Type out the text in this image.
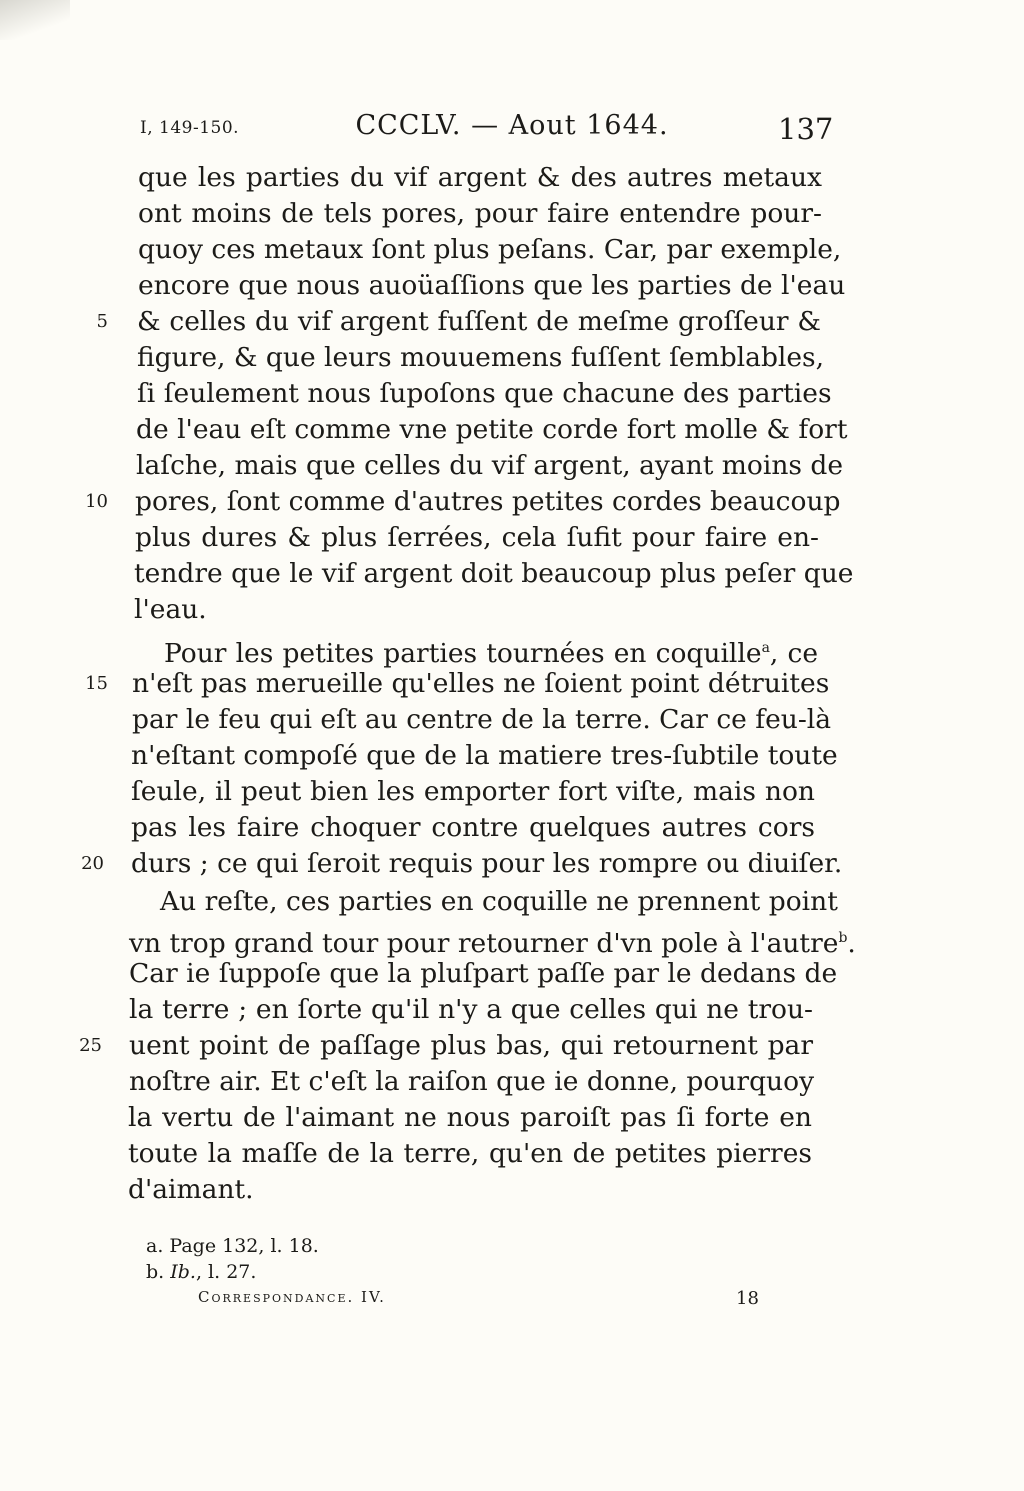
I, 149-150.	CCCLV. — Aout 1644.	137
que les parties du vif argent & des autres metaux
ont moins de tels pores, pour faire entendre pour-
quoy ces metaux ſont plus peſans. Car, par exemple,
encore que nous auoüaſſions que les parties de l'eau
& celles du vif argent fuſſent de meſme groſſeur &
figure, & que leurs mouuemens fuſſent ſemblables,
ſi ſeulement nous ſupoſons que chacune des parties
de l'eau eſt comme vne petite corde fort molle & fort
laſche, mais que celles du vif argent, ayant moins de
pores, ſont comme d'autres petites cordes beaucoup
plus dures & plus ſerrées, cela ſufit pour faire en-
tendre que le vif argent doit beaucoup plus peſer que
l'eau.
Pour les petites parties tournées en coquille$^a$, ce
n'eſt pas merueille qu'elles ne ſoient point détruites
par le feu qui eſt au centre de la terre. Car ce feu-là
n'eſtant compoſé que de la matiere tres-ſubtile toute
ſeule, il peut bien les emporter fort viſte, mais non
pas les faire choquer contre quelques autres cors
durs ; ce qui ſeroit requis pour les rompre ou diuiſer.
Au reſte, ces parties en coquille ne prennent point
vn trop grand tour pour retourner d'vn pole à l'autre$^b$.
Car ie ſuppoſe que la pluſpart paſſe par le dedans de
la terre ; en ſorte qu'il n'y a que celles qui ne trou-
uent point de paſſage plus bas, qui retournent par
noſtre air. Et c'eſt la raiſon que ie donne, pourquoy
la vertu de l'aimant ne nous paroiſt pas ſi forte en
toute la maſſe de la terre, qu'en de petites pierres
d'aimant.
5
10
15
20
25
a. Page 132, l. 18.
b. Ib., l. 27.
Correspondance. IV.	18
